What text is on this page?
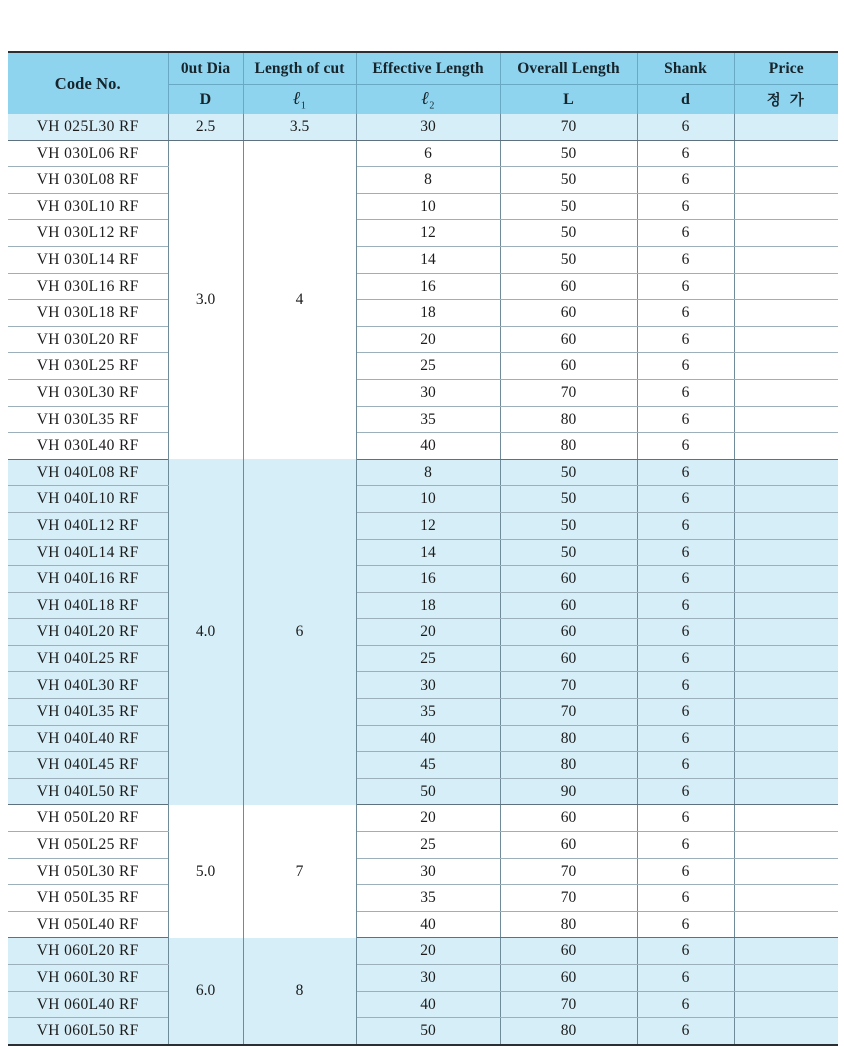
Code No.	0ut Dia	Length of cut	Effective Length	Overall Length	Shank	Price
	D	ℓ$_1$	ℓ$_2$	L	d	정 가
VH 025L30 RF	2.5	3.5	30	70	6	
VH 030L06 RF	3.0	4	6	50	6	
VH 030L08 RF			8	50	6	
VH 030L10 RF			10	50	6	
VH 030L12 RF			12	50	6	
VH 030L14 RF			14	50	6	
VH 030L16 RF			16	60	6	
VH 030L18 RF			18	60	6	
VH 030L20 RF			20	60	6	
VH 030L25 RF			25	60	6	
VH 030L30 RF			30	70	6	
VH 030L35 RF			35	80	6	
VH 030L40 RF			40	80	6	
VH 040L08 RF	4.0	6	8	50	6	
VH 040L10 RF			10	50	6	
VH 040L12 RF			12	50	6	
VH 040L14 RF			14	50	6	
VH 040L16 RF			16	60	6	
VH 040L18 RF			18	60	6	
VH 040L20 RF			20	60	6	
VH 040L25 RF			25	60	6	
VH 040L30 RF			30	70	6	
VH 040L35 RF			35	70	6	
VH 040L40 RF			40	80	6	
VH 040L45 RF			45	80	6	
VH 040L50 RF			50	90	6	
VH 050L20 RF	5.0	7	20	60	6	
VH 050L25 RF			25	60	6	
VH 050L30 RF			30	70	6	
VH 050L35 RF			35	70	6	
VH 050L40 RF			40	80	6	
VH 060L20 RF	6.0	8	20	60	6	
VH 060L30 RF			30	60	6	
VH 060L40 RF			40	70	6	
VH 060L50 RF			50	80	6	
